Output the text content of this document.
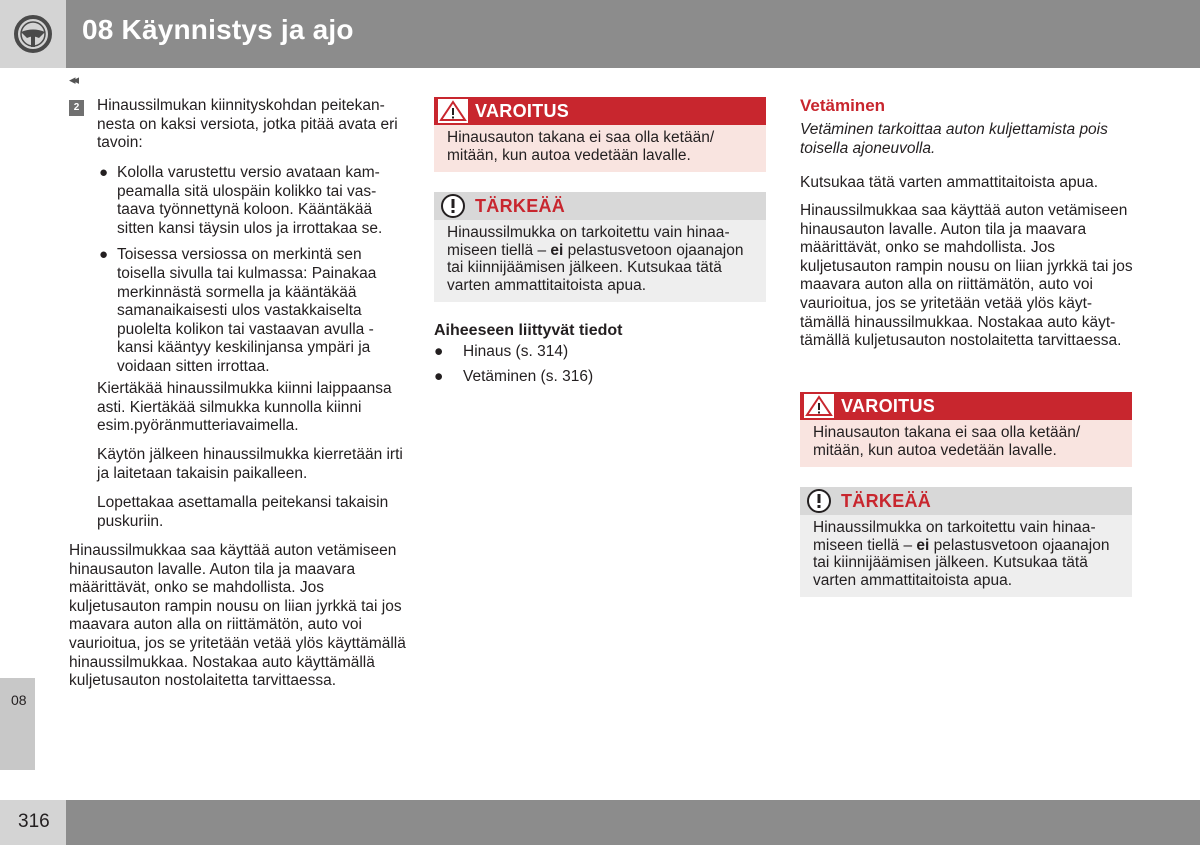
08 Käynnistys ja ajo
◂◂
2	Hinaussilmukan kiinnityskohdan peitekannesta on kaksi versiota, jotka pitää avata eri tavoin:
● Kololla varustettu versio avataan kampeamalla sitä ulospäin kolikko tai vastaava työnnettynä koloon. Kääntäkää sitten kansi täysin ulos ja irrottakaa se.
● Toisessa versiossa on merkintä sen toisella sivulla tai kulmassa: Painakaa merkinnästä sormella ja kääntäkää samanaikaisesti ulos vastakkaiselta puolelta kolikon tai vastaavan avulla - kansi kääntyy keskilinjansa ympäri ja voidaan sitten irrottaa.
Kiertäkää hinaussilmukka kiinni laippaansa asti. Kiertäkää silmukka kunnolla kiinni esim.pyöränmutteriavaimella.
Käytön jälkeen hinaussilmukka kierretään irti ja laitetaan takaisin paikalleen.
Lopettakaa asettamalla peitekansi takaisin puskuriin.
Hinaussilmukkaa saa käyttää auton vetämiseen hinausauton lavalle. Auton tila ja maavara määrittävät, onko se mahdollista. Jos kuljetusauton rampin nousu on liian jyrkkä tai jos maavara auton alla on riittämätön, auto voi vaurioitua, jos se yritetään vetää ylös käyttämällä hinaussilmukkaa. Nostakaa auto käyttämällä kuljetusauton nostolaitetta tarvittaessa.
VAROITUS
Hinausauton takana ei saa olla ketään/ mitään, kun autoa vedetään lavalle.
TÄRKEÄÄ
Hinaussilmukka on tarkoitettu vain hinaamiseen tiellä – ei pelastusvetoon ojaanajon tai kiinnijäämisen jälkeen. Kutsukaa tätä varten ammattitaitoista apua.
Aiheeseen liittyvät tiedot
● Hinaus (s. 314)
● Vetäminen (s. 316)
Vetäminen
Vetäminen tarkoittaa auton kuljettamista pois toisella ajoneuvolla.
Kutsukaa tätä varten ammattitaitoista apua.
Hinaussilmukkaa saa käyttää auton vetämiseen hinausauton lavalle. Auton tila ja maavara määrittävät, onko se mahdollista. Jos kuljetusauton rampin nousu on liian jyrkkä tai jos maavara auton alla on riittämätön, auto voi vaurioitua, jos se yritetään vetää ylös käyttämällä hinaussilmukkaa. Nostakaa auto käyttämällä kuljetusauton nostolaitetta tarvittaessa.
VAROITUS
Hinausauton takana ei saa olla ketään/ mitään, kun autoa vedetään lavalle.
TÄRKEÄÄ
Hinaussilmukka on tarkoitettu vain hinaamiseen tiellä – ei pelastusvetoon ojaanajon tai kiinnijäämisen jälkeen. Kutsukaa tätä varten ammattitaitoista apua.
08
316
